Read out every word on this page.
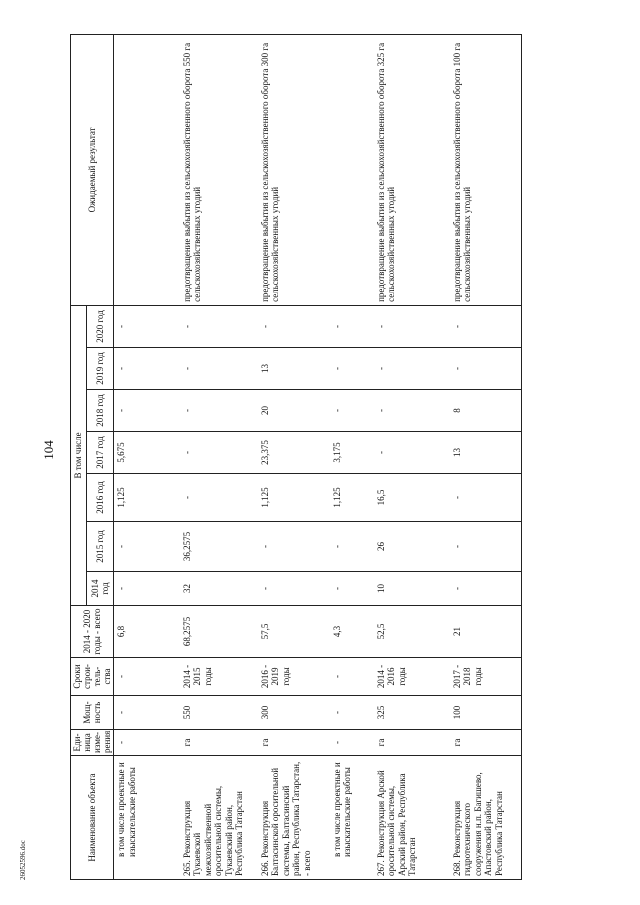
104
26052596.doc	Наименование объекта	Еди-ница изме-рения	Мощ-ность	Сроки строи-тель-ства	2014 - 2020 годы - всего	В том числе							Ожидаемый результат
					2014 год	2015 год	2016 год	2017 год	2018 год	2019 год	2020 год	
в том числе проектные и изыскательские работы	-	-	-	6,8	-	-	1,125	5,675	-	-	-	
265. Реконструкция Тукаевской межхозяйственной оросительной системы, Тукаевский район, Республика Татарстан	га	550	2014 - 2015 годы	68,2575	32	36,2575	-	-	-	-	-	предотвращение выбытия из сельскохозяйственного оборота 550 га сельскохозяйственных угодий
266. Реконструкция Балтасинской оросительной системы, Балтасинский район, Республика Татарстан, - всего	га	300	2016 - 2019 годы	57,5	-	-	1,125	23,375	20	13	-	предотвращение выбытия из сельскохозяйственного оборота 300 га сельскохозяйственных угодий
в том числе проектные и изыскательские работы	-	-	-	4,3	-	-	1,125	3,175	-	-	-	
267. Реконструкция Арской оросительной системы, Арский район, Республика Татарстан	га	325	2014 - 2016 годы	52,5	10	26	16,5	-	-	-	-	предотвращение выбытия из сельскохозяйственного оборота 325 га сельскохозяйственных угодий
268. Реконструкция гидротехнического сооружения н.п. Багишево, Апастовский район, Республика Татарстан	га	100	2017 - 2018 годы	21	-	-	-	13	8	-	-	предотвращение выбытия из сельскохозяйственного оборота 100 га сельскохозяйственных угодий
